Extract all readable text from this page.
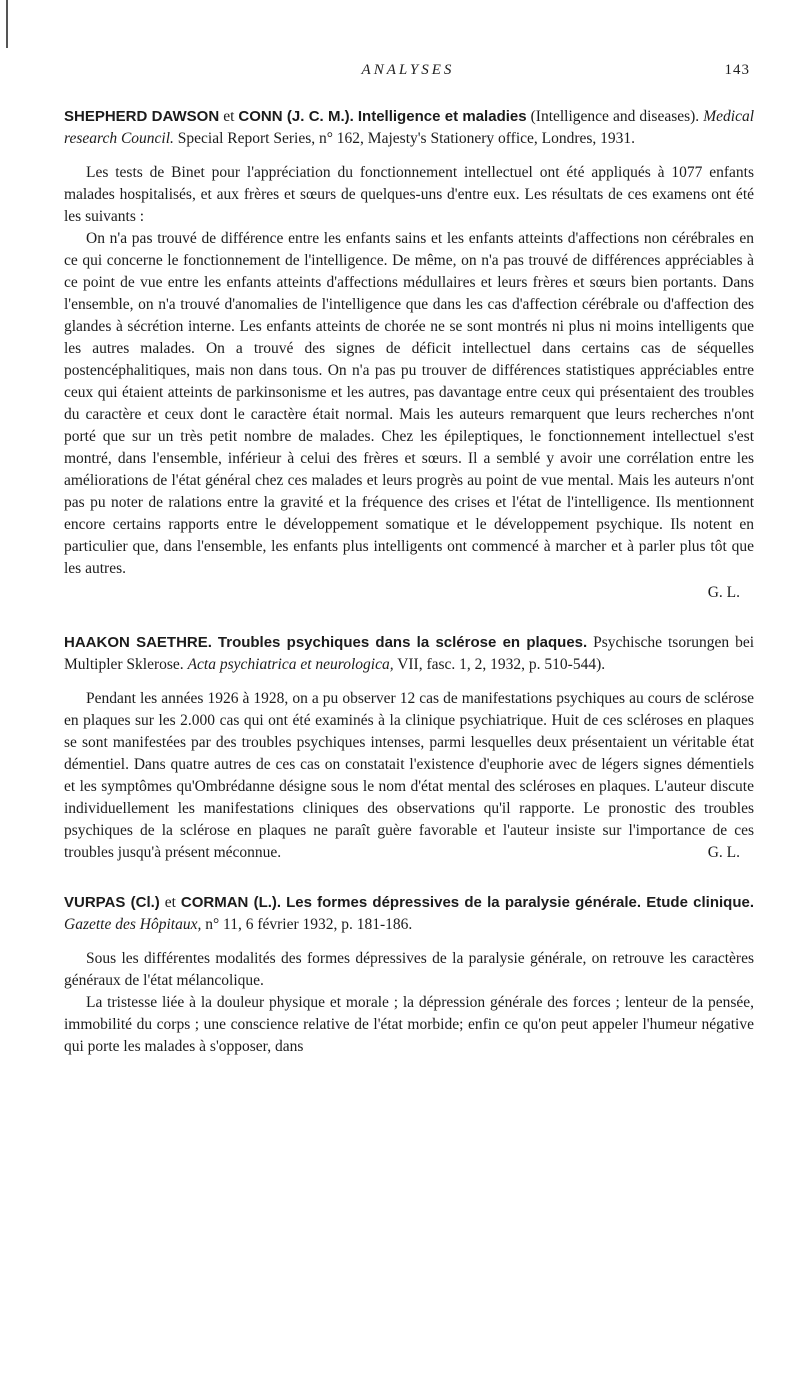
ANALYSES	143

SHEPHERD DAWSON et CONN (J. C. M.). Intelligence et maladies (Intelligence and diseases). Medical research Council. Special Report Series, n° 162, Majesty's Stationery office, Londres, 1931.

Les tests de Binet pour l'appréciation du fonctionnement intellectuel ont été appliqués à 1077 enfants malades hospitalisés, et aux frères et sœurs de quelques-uns d'entre eux. Les résultats de ces examens ont été les suivants :

On n'a pas trouvé de différence entre les enfants sains et les enfants atteints d'affections non cérébrales en ce qui concerne le fonctionnement de l'intelligence. De même, on n'a pas trouvé de différences appréciables à ce point de vue entre les enfants atteints d'affections médullaires et leurs frères et sœurs bien portants. Dans l'ensemble, on n'a trouvé d'anomalies de l'intelligence que dans les cas d'affection cérébrale ou d'affection des glandes à sécrétion interne. Les enfants atteints de chorée ne se sont montrés ni plus ni moins intelligents que les autres malades. On a trouvé des signes de déficit intellectuel dans certains cas de séquelles postencéphalitiques, mais non dans tous. On n'a pas pu trouver de différences statistiques appréciables entre ceux qui étaient atteints de parkinsonisme et les autres, pas davantage entre ceux qui présentaient des troubles du caractère et ceux dont le caractère était normal. Mais les auteurs remarquent que leurs recherches n'ont porté que sur un très petit nombre de malades. Chez les épileptiques, le fonctionnement intellectuel s'est montré, dans l'ensemble, inférieur à celui des frères et sœurs. Il a semblé y avoir une corrélation entre les améliorations de l'état général chez ces malades et leurs progrès au point de vue mental. Mais les auteurs n'ont pas pu noter de ralations entre la gravité et la fréquence des crises et l'état de l'intelligence. Ils mentionnent encore certains rapports entre le développement somatique et le développement psychique. Ils notent en particulier que, dans l'ensemble, les enfants plus intelligents ont commencé à marcher et à parler plus tôt que les autres.

G. L.

HAAKON SAETHRE. Troubles psychiques dans la sclérose en plaques. Psychische tsorungen bei Multipler Sklerose. Acta psychiatrica et neurologica, VII, fasc. 1, 2, 1932, p. 510-544).

Pendant les années 1926 à 1928, on a pu observer 12 cas de manifestations psychiques au cours de sclérose en plaques sur les 2.000 cas qui ont été examinés à la clinique psychiatrique. Huit de ces scléroses en plaques se sont manifestées par des troubles psychiques intenses, parmi lesquelles deux présentaient un véritable état démentiel. Dans quatre autres de ces cas on constatait l'existence d'euphorie avec de légers signes démentiels et les symptômes qu'Ombrédanne désigne sous le nom d'état mental des scléroses en plaques. L'auteur discute individuellement les manifestations cliniques des observations qu'il rapporte. Le pronostic des troubles psychiques de la sclérose en plaques ne paraît guère favorable et l'auteur insiste sur l'importance de ces troubles jusqu'à présent méconnue.	G. L.

VURPAS (Cl.) et CORMAN (L.). Les formes dépressives de la paralysie générale. Etude clinique. Gazette des Hôpitaux, n° 11, 6 février 1932, p. 181-186.

Sous les différentes modalités des formes dépressives de la paralysie générale, on retrouve les caractères généraux de l'état mélancolique.

La tristesse liée à la douleur physique et morale ; la dépression générale des forces ; lenteur de la pensée, immobilité du corps ; une conscience relative de l'état morbide; enfin ce qu'on peut appeler l'humeur négative qui porte les malades à s'opposer, dans
